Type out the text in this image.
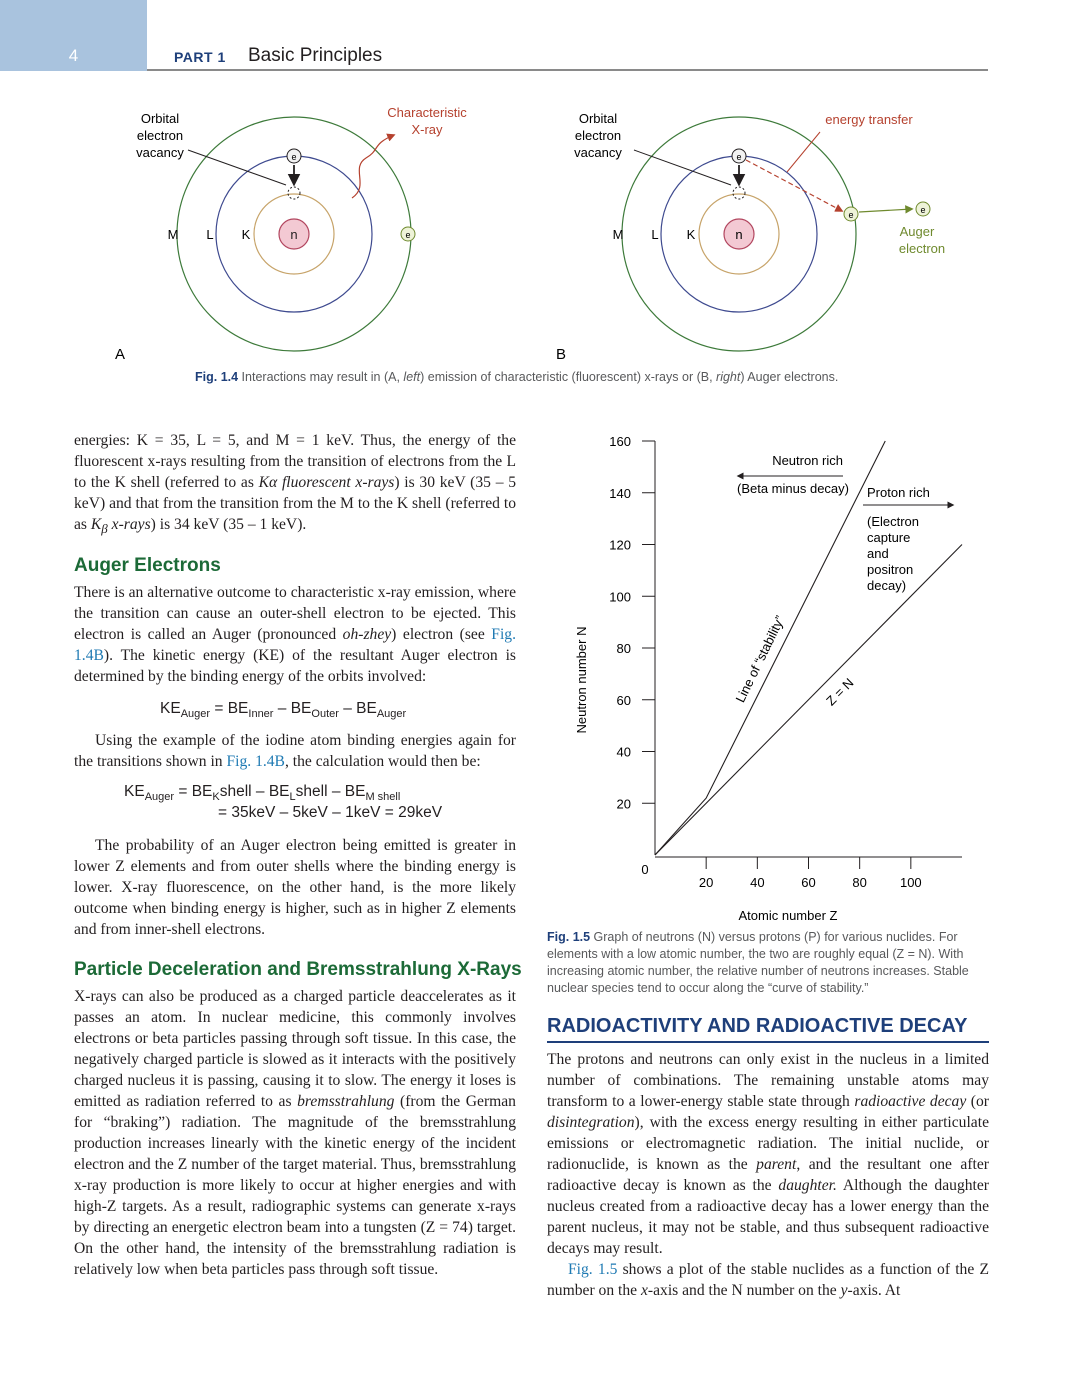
4	PART 1 Basic Principles
n
M L K
e
e
Orbital
electron
vacancy
Characteristic
X-ray
A
n
M L K
e
e	e
Orbital
electron
vacancy
energy transfer
Auger
electron
B
Fig. 1.4 Interactions may result in (A, left) emission of characteristic (fluorescent) x-rays or (B, right) Auger electrons.

energies: K = 35, L = 5, and M = 1 keV. Thus, the energy of the fluorescent x-rays resulting from the transition of electrons from the L to the K shell (referred to as Kα fluorescent x-rays) is 30 keV (35 – 5 keV) and that from the transition from the M to the K shell (referred to as $K_\beta$ x-rays) is 34 keV (35 – 1 keV).

Auger Electrons

There is an alternative outcome to characteristic x-ray emission, where the transition can cause an outer-shell electron to be ejected. This electron is called an Auger (pronounced oh-zhey) electron (see Fig. 1.4B). The kinetic energy (KE) of the resultant Auger electron is determined by the binding energy of the orbits involved:

$KE_{Auger} = BE_{Inner} - BE_{Outer} - BE_{Auger}$

Using the example of the iodine atom binding energies again for the transitions shown in Fig. 1.4B, the calculation would then be:

$KE_{Auger}$ = $BE_Kshell$ – $BE_Lshell - BE_{M shell}$
= 35keV – 5keV – 1keV = 29keV

The probability of an Auger electron being emitted is greater in lower Z elements and from outer shells where the binding energy is lower. X-ray fluorescence, on the other hand, is the more likely outcome when binding energy is higher, such as in higher Z elements and from inner-shell electrons.

Particle Deceleration and Bremsstrahlung X-Rays

X-rays can also be produced as a charged particle deaccelerates as it passes an atom. In nuclear medicine, this commonly involves electrons or beta particles passing through soft tissue. In this case, the negatively charged particle is slowed as it interacts with the positively charged nucleus it is passing, causing it to slow. The energy it loses is emitted as radiation referred to as bremsstrahlung (from the German for “braking”) radiation. The magnitude of the bremsstrahlung production increases linearly with the kinetic energy of the incident electron and the Z number of the target material. Thus, bremsstrahlung x-ray production is more likely to occur at higher energies and with high-Z targets. As a result, radiographic systems can generate x-rays by directing an energetic electron beam into a tungsten (Z = 74) target. On the other hand, the intensity of the bremsstrahlung radiation is relatively low when beta particles pass through soft tissue.

20
40
60
80
100
120
140
160
20	40	60	80	100
0
Line of “stability”	Z = N
Neutron rich
(Beta minus decay) Proton rich
(Electron
capture
and
positron
decay)
Atomic number Z
Neutron number N
Fig. 1.5 Graph of neutrons (N) versus protons (P) for various nuclides. For elements with a low atomic number, the two are roughly equal (Z = N). With increasing atomic number, the relative number of neutrons increases. Stable nuclear species tend to occur along the “curve of stability.”
RADIOACTIVITY AND RADIOACTIVE DECAY

The protons and neutrons can only exist in the nucleus in a limited number of combinations. The remaining unstable atoms may transform to a lower-energy stable state through radioactive decay (or disintegration), with the excess energy resulting in either particulate emissions or electromagnetic radiation. The initial nuclide, or radionuclide, is known as the parent, and the resultant one after radioactive decay is known as the daughter. Although the daughter nucleus created from a radioactive decay has a lower energy than the parent nucleus, it may not be stable, and thus subsequent radioactive decays may result.

Fig. 1.5 shows a plot of the stable nuclides as a function of the Z number on the x-axis and the N number on the y-axis. At
